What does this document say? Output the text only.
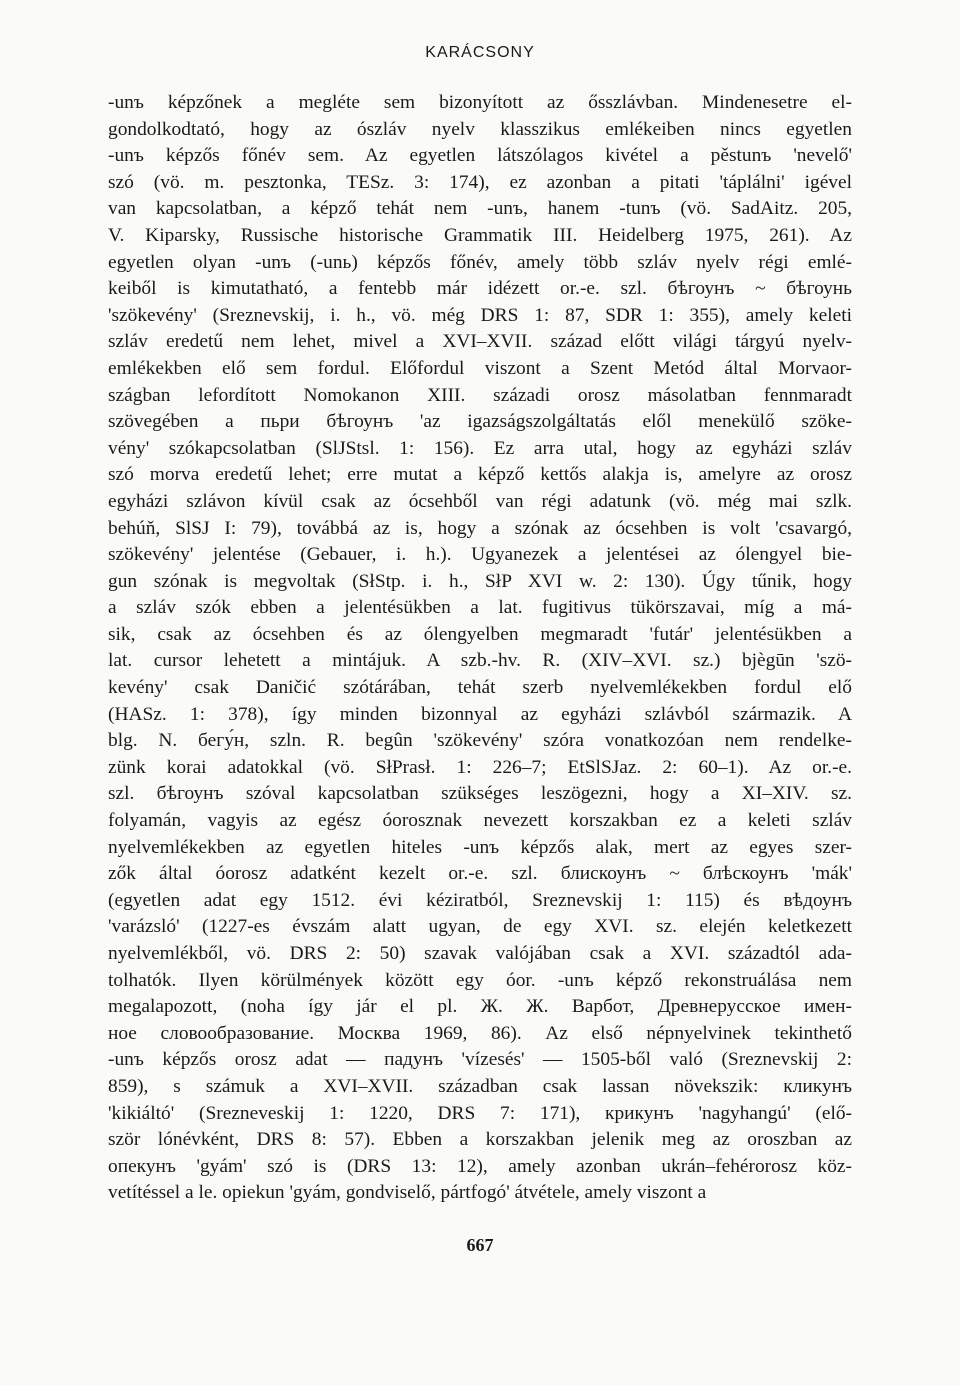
KARÁCSONY
-unъ képzőnek a megléte sem bizonyított az ősszlávban. Mindenesetre el-
gondolkodtató, hogy az ószláv nyelv klasszikus emlékeiben nincs egyetlen
-unъ képzős főnév sem. Az egyetlen látszólagos kivétel a pěstunъ 'nevelő'
szó (vö. m. pesztonka, TESz. 3: 174), ez azonban a pitati 'táplálni' igével
van kapcsolatban, a képző tehát nem -unъ, hanem -tunъ (vö. SadAitz. 205,
V. Kiparsky, Russische historische Grammatik III. Heidelberg 1975, 261). Az
egyetlen olyan -unъ (-unь) képzős főnév, amely több szláv nyelv régi emlé-
keiből is kimutatható, a fentebb már idézett or.-e. szl. бѣгоунъ ~ бѣгоунь
'szökevény' (Sreznevskij, i. h., vö. még DRS 1: 87, SDR 1: 355), amely keleti
szláv eredetű nem lehet, mivel a XVI–XVII. század előtt világi tárgyú nyelv-
emlékekben elő sem fordul. Előfordul viszont a Szent Metód által Morvaor-
szágban lefordított Nomokanon XIII. századi orosz másolatban fennmaradt
szövegében a пьри бѣгоунъ 'az igazságszolgáltatás elől menekülő szöke-
vény' szókapcsolatban (SlJStsl. 1: 156). Ez arra utal, hogy az egyházi szláv
szó morva eredetű lehet; erre mutat a képző kettős alakja is, amelyre az orosz
egyházi szlávon kívül csak az ócsehből van régi adatunk (vö. még mai szlk.
behúň, SlSJ I: 79), továbbá az is, hogy a szónak az ócsehben is volt 'csavargó,
szökevény' jelentése (Gebauer, i. h.). Ugyanezek a jelentései az ólengyel bie-
gun szónak is megvoltak (SłStp. i. h., SłP XVI w. 2: 130). Úgy tűnik, hogy
a szláv szók ebben a jelentésükben a lat. fugitivus tükörszavai, míg a má-
sik, csak az ócsehben és az ólengyelben megmaradt 'futár' jelentésükben a
lat. cursor lehetett a mintájuk. A szb.-hv. R. (XIV–XVI. sz.) bjègūn 'szö-
kevény' csak Daničić szótárában, tehát szerb nyelvemlékekben fordul elő
(HASz. 1: 378), így minden bizonnyal az egyházi szlávból származik. A
blg. N. бегу́н, szln. R. begûn 'szökevény' szóra vonatkozóan nem rendelke-
zünk korai adatokkal (vö. SłPrasł. 1: 226–7; EtSlSJaz. 2: 60–1). Az or.-e.
szl. бѣгоунъ szóval kapcsolatban szükséges leszögezni, hogy a XI–XIV. sz.
folyamán, vagyis az egész óorosznak nevezett korszakban ez a keleti szláv
nyelvemlékekben az egyetlen hiteles -unъ képzős alak, mert az egyes szer-
zők által óorosz adatként kezelt or.-e. szl. блискоунъ ~ блѣскоунъ 'mák'
(egyetlen adat egy 1512. évi kéziratból, Sreznevskij 1: 115) és вѣдоунъ
'varázsló' (1227-es évszám alatt ugyan, de egy XVI. sz. elején keletkezett
nyelvemlékből, vö. DRS 2: 50) szavak valójában csak a XVI. századtól ada-
tolhatók. Ilyen körülmények között egy óor. -unъ képző rekonstruálása nem
megalapozott, (noha így jár el pl. Ж. Ж. Варбот, Древнерусское имен-
ное словообразование. Москва 1969, 86). Az első népnyelvinek tekinthető
-unъ képzős orosz adat — падунъ 'vízesés' — 1505-ből való (Sreznevskij 2:
859), s számuk a XVI–XVII. században csak lassan növekszik: кликунъ
'kikiáltó' (Srezneveskij 1: 1220, DRS 7: 171), крикунъ 'nagyhangú' (elő-
ször lónévként, DRS 8: 57). Ebben a korszakban jelenik meg az oroszban az
опекунъ 'gyám' szó is (DRS 13: 12), amely azonban ukrán–fehérorosz köz-
vetítéssel a le. opiekun 'gyám, gondviselő, pártfogó' átvétele, amely viszont a
667
